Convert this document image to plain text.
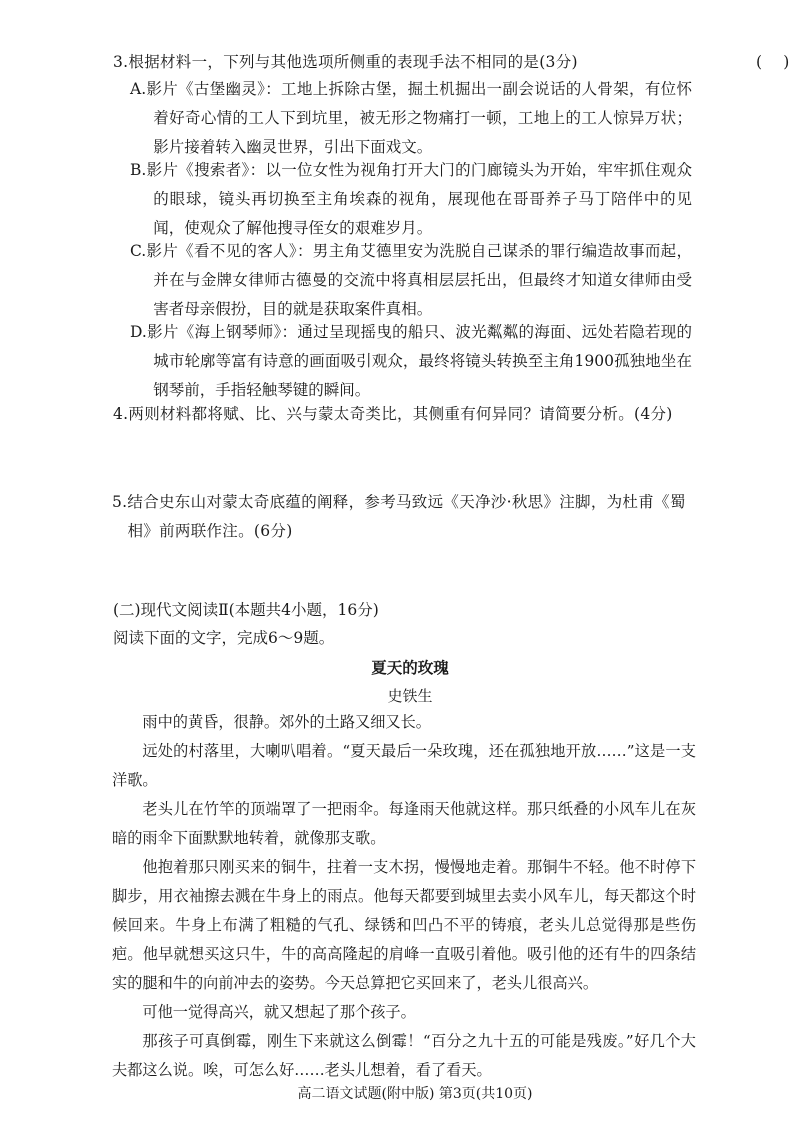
3.根据材料一，下列与其他选项所侧重的表现手法不相同的是(3分)	(    )
A.影片《古堡幽灵》：工地上拆除古堡，掘土机掘出一副会说话的人骨架，有位怀着好奇心情的工人下到坑里，被无形之物痛打一顿，工地上的工人惊异万状；影片接着转入幽灵世界，引出下面戏文。
B.影片《搜索者》：以一位女性为视角打开大门的门廊镜头为开始，牢牢抓住观众的眼球，镜头再切换至主角埃森的视角，展现他在哥哥养子马丁陪伴中的见闻，使观众了解他搜寻侄女的艰难岁月。
C.影片《看不见的客人》：男主角艾德里安为洗脱自己谋杀的罪行编造故事而起，并在与金牌女律师古德曼的交流中将真相层层托出，但最终才知道女律师由受害者母亲假扮，目的就是获取案件真相。
D.影片《海上钢琴师》：通过呈现摇曳的船只、波光粼粼的海面、远处若隐若现的城市轮廓等富有诗意的画面吸引观众，最终将镜头转换至主角1900孤独地坐在钢琴前，手指轻触琴键的瞬间。
4.两则材料都将赋、比、兴与蒙太奇类比，其侧重有何异同？请简要分析。(4分)
5.结合史东山对蒙太奇底蕴的阐释，参考马致远《天净沙·秋思》注脚，为杜甫《蜀相》前两联作注。(6分)
(二)现代文阅读Ⅱ(本题共4小题，16分)
阅读下面的文字，完成6～9题。
夏天的玫瑰
史铁生

雨中的黄昏，很静。郊外的土路又细又长。

远处的村落里，大喇叭唱着。“夏天最后一朵玫瑰，还在孤独地开放……”这是一支洋歌。

老头儿在竹竿的顶端罩了一把雨伞。每逢雨天他就这样。那只纸叠的小风车儿在灰暗的雨伞下面默默地转着，就像那支歌。

他抱着那只刚买来的铜牛，拄着一支木拐，慢慢地走着。那铜牛不轻。他不时停下脚步，用衣袖擦去溅在牛身上的雨点。他每天都要到城里去卖小风车儿，每天都这个时候回来。牛身上布满了粗糙的气孔、绿锈和凹凸不平的铸痕，老头儿总觉得那是些伤疤。他早就想买这只牛，牛的高高隆起的肩峰一直吸引着他。吸引他的还有牛的四条结实的腿和牛的向前冲去的姿势。今天总算把它买回来了，老头儿很高兴。

可他一觉得高兴，就又想起了那个孩子。

那孩子可真倒霉，刚生下来就这么倒霉！“百分之九十五的可能是残废。”好几个大夫都这么说。唉，可怎么好……老头儿想着，看了看天。

高二语文试题(附中版) 第3页(共10页)
